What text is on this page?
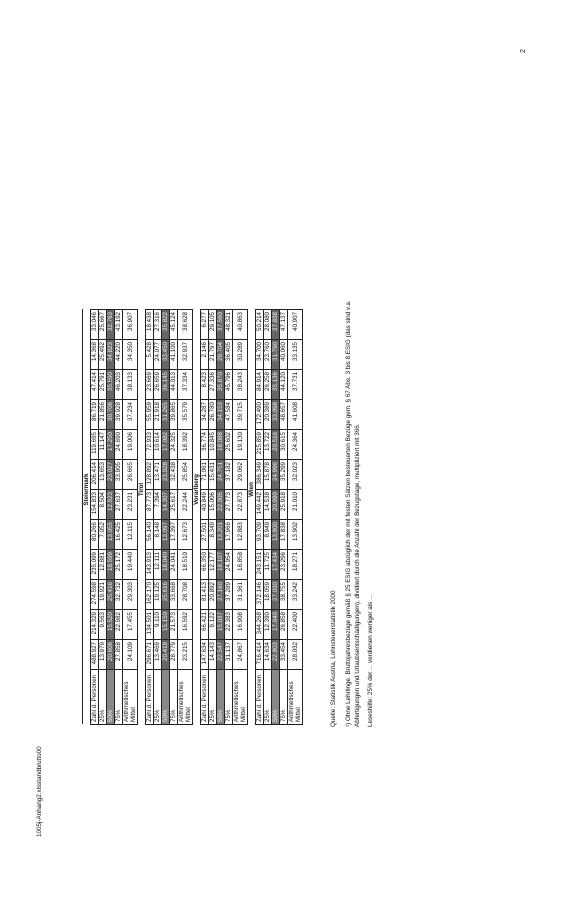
1005j-Anhang2.xlsstandbrutto00
2
	Steiermark											
Zahl d. Personen	488.927	214.329	274.598	235.099	80.266	154.833	206.414	119.695	86.719	47.414	14.368	33.046
25%	13.979	9.563	19.921	12.881	7.052	8.504	13.653	11.147	21.856	25.791	25.492	25.667
50%	20.606	15.520	25.416	18.599	13.055	12.923	23.027	17.250	30.706	35.590	34.823	32.763
75%	27.858	22.982	32.732	25.172	16.425	27.637	33.905	24.690	39.928	46.203	44.220	43.192

Arithmetisches Mittel	24.109	17.455	29.303	19.440	12.115	23.231	26.665	19.006	37.234	38.133	34.350	36.907
	Tirol											
Zahl d. Personen	296.671	134.501	162.170	143.913	56.140	87.773	128.892	72.933	55.959	23.669	5.428	18.438
25%	13.469	9.110	19.125	12.111	8.148	7.394	13.471	10.614	21.918	26.659	24.077	27.316
50%	20.419	15.150	25.616	18.040	13.097	14.307	23.028	17.082	31.265	36.145	33.450	35.822
75%	28.779	21.573	33.668	24.041	17.397	25.617	32.438	24.325	39.865	44.013	41.100	45.124

Arithmetisches Mittel	23.215	16.592	28.708	18.510	12.673	22.244	25.854	18.392	35.579	37.334	32.937	38.628
	Vorarlberg											
Zahl d. Personen	147.634	66.421	81.413	66.350	27.501	40.849	71.061	36.774	34.287	8.423	2.146	6.277
25%	14.143	9.122	20.892	12.177	8.349	15.006	15.431	10.845	26.780	27.336	21.797	29.105
50%	22.547	15.037	27.160	18.107	13.201	22.005	24.751	18.088	34.153	35.870	29.704	37.560
75%	31.137	22.383	37.289	24.954	17.966	27.773	37.182	25.602	47.584	45.796	36.405	48.321

Arithmetisches Mittel	24.867	16.908	31.361	18.858	12.883	22.873	29.062	19.130	39.715	38.243	30.289	40.863
	Wien											
Zahl d. Personen	716.414	344.268	372.146	243.151	93.709	149.442	386.349	215.859	172.490	84.914	34.700	50.214
25%	14.634	12.390	18.059	11.725	8.949	14.538	15.878	13.722	20.389	26.258	23.760	28.080
50%	22.803	17.940	27.030	17.434	13.900	20.990	24.996	20.516	33.098	35.136	31.790	37.838
75%	33.454	26.858	38.755	23.296	17.838	25.918	35.299	30.615	48.657	44.120	40.060	47.137

Arithmetisches Mittel	28.032	22.400	33.242	18.271	13.902	21.010	32.023	24.364	41.608	37.731	33.135	40.907
Quelle: Statistik Austria, Lohnsteuerstatistik 2000 ¹) Ohne Lehrlinge. Bruttojahresbezüge gemäß § 25 ESIG abzüglich der mit festen Sätzen besteuerten Bezüge gem. § 67 Abs. 3 bis 8 ESIG (das sind v.a. Abfertigungen und Urlaubsentschädigungen), dividiert durch die Anzahl der Bezugstage, multipliziert mit 366. Leseshilfe: 25% der ... verdienen weniger als ...
